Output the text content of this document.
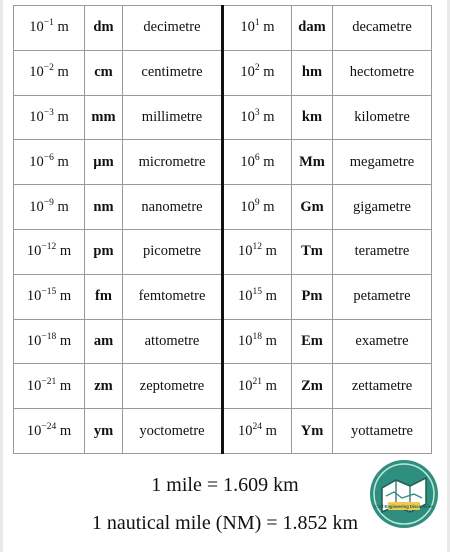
$10^{-1}$ m	dm	decimetre	$10^1$ m	dam	decametre
$10^{-2}$ m	cm	centimetre	$10^2$ m	hm	hectometre
$10^{-3}$ m	mm	millimetre	$10^3$ m	km	kilometre
$10^{-6}$ m	µm	micrometre	$10^6$ m	Mm	megametre
$10^{-9}$ m	nm	nanometre	$10^9$ m	Gm	gigametre
$10^{-12}$ m	pm	picometre	$10^{12}$ m	Tm	terametre
$10^{-15}$ m	fm	femtometre	$10^{15}$ m	Pm	petametre
$10^{-18}$ m	am	attometre	$10^{18}$ m	Em	exametre
$10^{-21}$ m	zm	zeptometre	$10^{21}$ m	Zm	zettametre
$10^{-24}$ m	ym	yoctometre	$10^{24}$ m	Ym	yottametre
1 mile = 1.609 km
1 nautical mile (NM) = 1.852 km
Civil Engineering Discoveries
